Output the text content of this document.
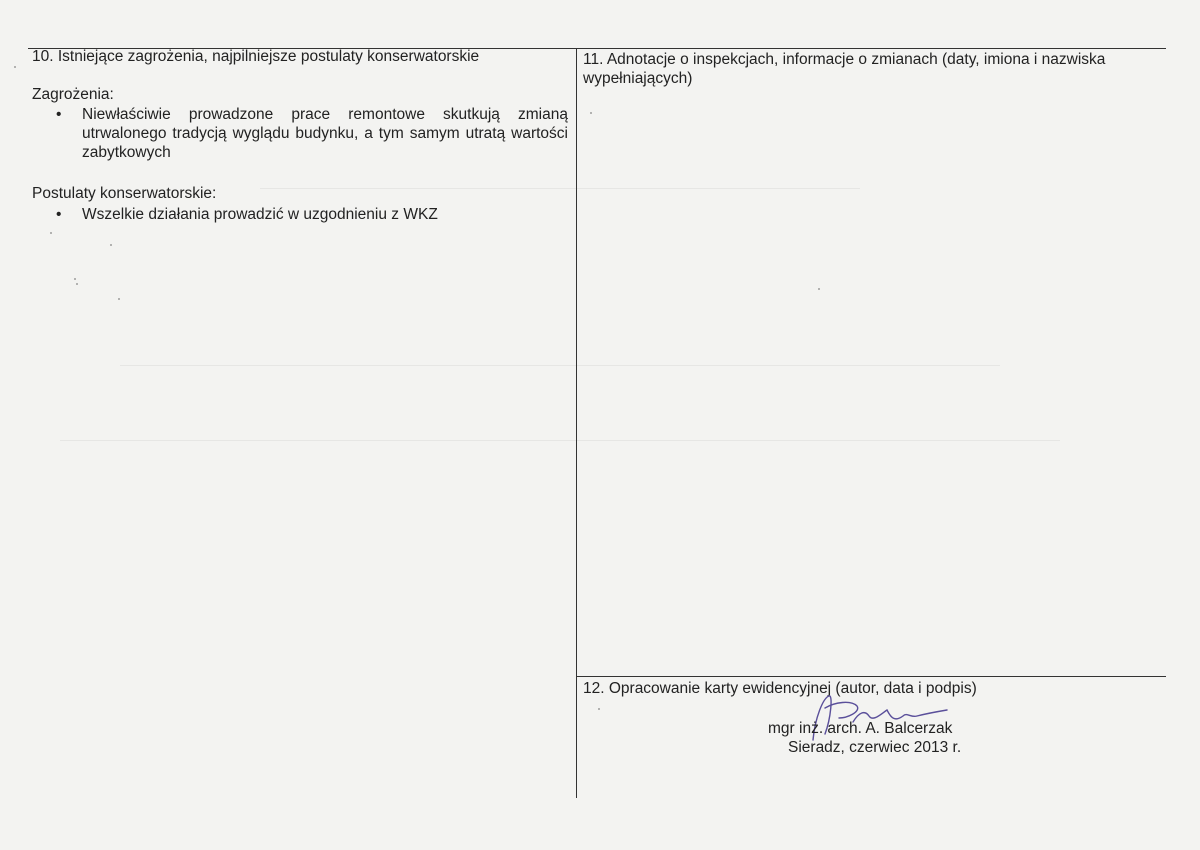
10. Istniejące zagrożenia, najpilniejsze postulaty konserwatorskie
Zagrożenia:
• Niewłaściwie prowadzone prace remontowe skutkują zmianą utrwalonego tradycją wyglądu budynku, a tym samym utratą wartości zabytkowych
Postulaty konserwatorskie:
• Wszelkie działania prowadzić w uzgodnieniu z WKZ
11. Adnotacje o inspekcjach, informacje o zmianach (daty, imiona i nazwiska wypełniających)
12. Opracowanie karty ewidencyjnej (autor, data i podpis)
mgr inż. arch. A. Balcerzak
Sieradz, czerwiec 2013 r.
